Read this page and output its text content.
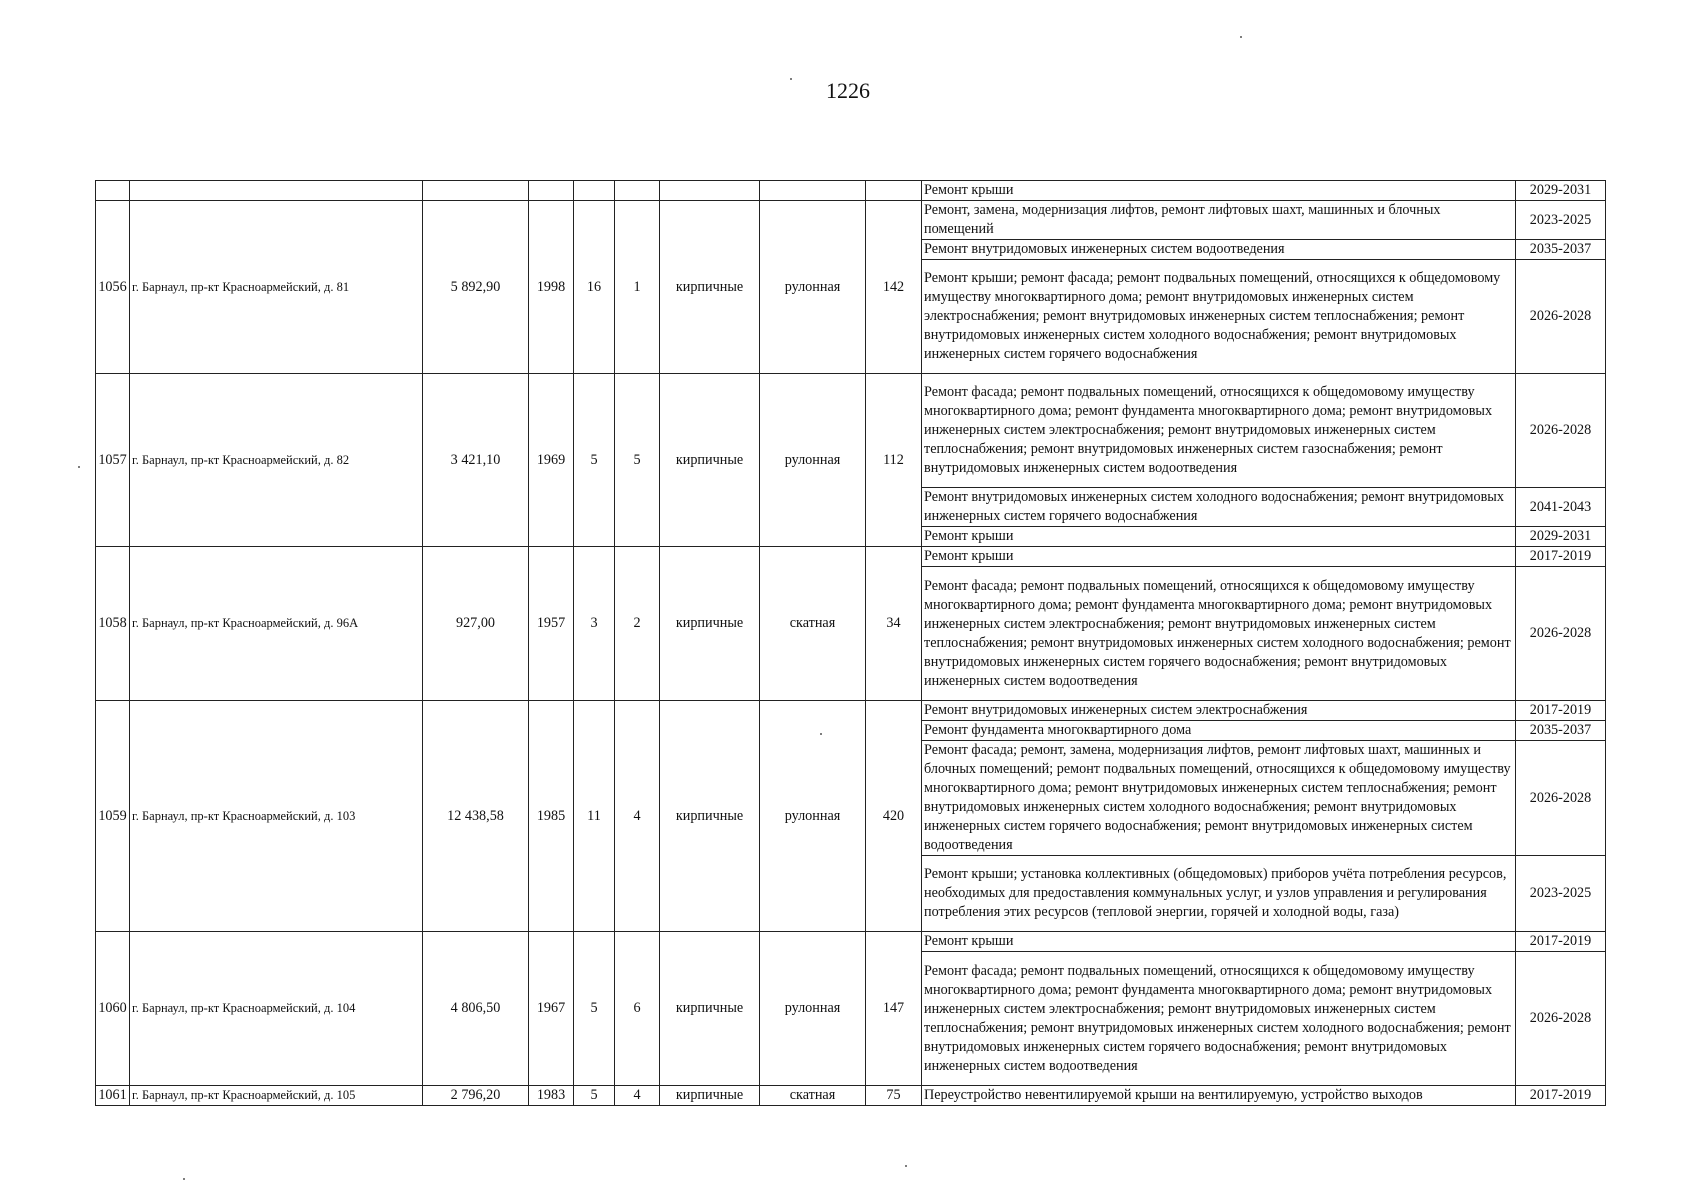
1226
									Ремонт крыши	2029-2031
1056	г. Барнаул, пр-кт Красноармейский, д. 81	5 892,90	1998	16	1	кирпичные	рулонная	142	Ремонт, замена, модернизация лифтов, ремонт лифтовых шахт, машинных и блочных помещений	2023-2025
									Ремонт внутридомовых инженерных систем водоотведения	2035-2037
									Ремонт крыши; ремонт фасада; ремонт подвальных помещений, относящихся к общедомовому имуществу многоквартирного дома; ремонт внутридомовых инженерных систем электроснабжения; ремонт внутридомовых инженерных систем теплоснабжения; ремонт внутридомовых инженерных систем холодного водоснабжения; ремонт внутридомовых инженерных систем горячего водоснабжения	2026-2028
1057	г. Барнаул, пр-кт Красноармейский, д. 82	3 421,10	1969	5	5	кирпичные	рулонная	112	Ремонт фасада; ремонт подвальных помещений, относящихся к общедомовому имуществу многоквартирного дома; ремонт фундамента многоквартирного дома; ремонт внутридомовых инженерных систем электроснабжения; ремонт внутридомовых инженерных систем теплоснабжения; ремонт внутридомовых инженерных систем газоснабжения; ремонт внутридомовых инженерных систем водоотведения	2026-2028
									Ремонт внутридомовых инженерных систем холодного водоснабжения; ремонт внутридомовых инженерных систем горячего водоснабжения	2041-2043
									Ремонт крыши	2029-2031
1058	г. Барнаул, пр-кт Красноармейский, д. 96А	927,00	1957	3	2	кирпичные	скатная	34	Ремонт крыши	2017-2019
									Ремонт фасада; ремонт подвальных помещений, относящихся к общедомовому имуществу многоквартирного дома; ремонт фундамента многоквартирного дома; ремонт внутридомовых инженерных систем электроснабжения; ремонт внутридомовых инженерных систем теплоснабжения; ремонт внутридомовых инженерных систем холодного водоснабжения; ремонт внутридомовых инженерных систем горячего водоснабжения; ремонт внутридомовых инженерных систем водоотведения	2026-2028
1059	г. Барнаул, пр-кт Красноармейский, д. 103	12 438,58	1985	11	4	кирпичные	рулонная	420	Ремонт внутридомовых инженерных систем электроснабжения	2017-2019
									Ремонт фундамента многоквартирного дома	2035-2037
									Ремонт фасада; ремонт, замена, модернизация лифтов, ремонт лифтовых шахт, машинных и блочных помещений; ремонт подвальных помещений, относящихся к общедомовому имуществу многоквартирного дома; ремонт внутридомовых инженерных систем теплоснабжения; ремонт внутридомовых инженерных систем холодного водоснабжения; ремонт внутридомовых инженерных систем горячего водоснабжения; ремонт внутридомовых инженерных систем водоотведения	2026-2028
									Ремонт крыши; установка коллективных (общедомовых) приборов учёта потребления ресурсов, необходимых для предоставления коммунальных услуг, и узлов управления и регулирования потребления этих ресурсов (тепловой энергии, горячей и холодной воды, газа)	2023-2025
1060	г. Барнаул, пр-кт Красноармейский, д. 104	4 806,50	1967	5	6	кирпичные	рулонная	147	Ремонт крыши	2017-2019
									Ремонт фасада; ремонт подвальных помещений, относящихся к общедомовому имуществу многоквартирного дома; ремонт фундамента многоквартирного дома; ремонт внутридомовых инженерных систем электроснабжения; ремонт внутридомовых инженерных систем теплоснабжения; ремонт внутридомовых инженерных систем холодного водоснабжения; ремонт внутридомовых инженерных систем горячего водоснабжения; ремонт внутридомовых инженерных систем водоотведения	2026-2028
1061	г. Барнаул, пр-кт Красноармейский, д. 105	2 796,20	1983	5	4	кирпичные	скатная	75	Переустройство невентилируемой крыши на вентилируемую, устройство выходов	2017-2019
